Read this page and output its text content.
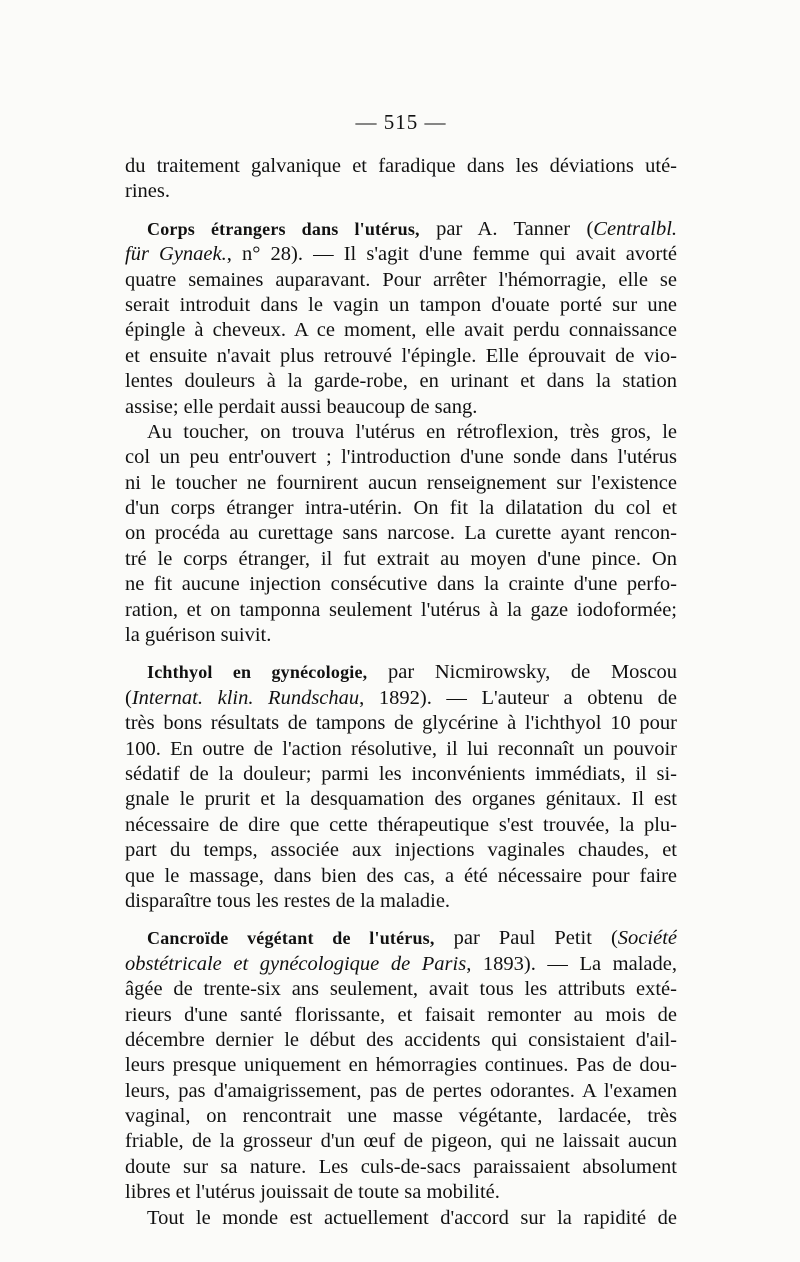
— 515 —
du traitement galvanique et faradique dans les déviations uté-
rines.
Corps étrangers dans l'utérus, par A. Tanner (Centralbl.
für Gynaek., n° 28). — Il s'agit d'une femme qui avait avorté
quatre semaines auparavant. Pour arrêter l'hémorragie, elle se
serait introduit dans le vagin un tampon d'ouate porté sur une
épingle à cheveux. A ce moment, elle avait perdu connaissance
et ensuite n'avait plus retrouvé l'épingle. Elle éprouvait de vio-
lentes douleurs à la garde-robe, en urinant et dans la station
assise; elle perdait aussi beaucoup de sang.
Au toucher, on trouva l'utérus en rétroflexion, très gros, le
col un peu entr'ouvert ; l'introduction d'une sonde dans l'utérus
ni le toucher ne fournirent aucun renseignement sur l'existence
d'un corps étranger intra-utérin. On fit la dilatation du col et
on procéda au curettage sans narcose. La curette ayant rencon-
tré le corps étranger, il fut extrait au moyen d'une pince. On
ne fit aucune injection consécutive dans la crainte d'une perfo-
ration, et on tamponna seulement l'utérus à la gaze iodoformée;
la guérison suivit.
Ichthyol en gynécologie, par Nicmirowsky, de Moscou
(Internat. klin. Rundschau, 1892). — L'auteur a obtenu de
très bons résultats de tampons de glycérine à l'ichthyol 10 pour
100. En outre de l'action résolutive, il lui reconnaît un pouvoir
sédatif de la douleur; parmi les inconvénients immédiats, il si-
gnale le prurit et la desquamation des organes génitaux. Il est
nécessaire de dire que cette thérapeutique s'est trouvée, la plu-
part du temps, associée aux injections vaginales chaudes, et
que le massage, dans bien des cas, a été nécessaire pour faire
disparaître tous les restes de la maladie.
Cancroïde végétant de l'utérus, par Paul Petit (Société
obstétricale et gynécologique de Paris, 1893). — La malade,
âgée de trente-six ans seulement, avait tous les attributs exté-
rieurs d'une santé florissante, et faisait remonter au mois de
décembre dernier le début des accidents qui consistaient d'ail-
leurs presque uniquement en hémorragies continues. Pas de dou-
leurs, pas d'amaigrissement, pas de pertes odorantes. A l'examen
vaginal, on rencontrait une masse végétante, lardacée, très
friable, de la grosseur d'un œuf de pigeon, qui ne laissait aucun
doute sur sa nature. Les culs-de-sacs paraissaient absolument
libres et l'utérus jouissait de toute sa mobilité.
Tout le monde est actuellement d'accord sur la rapidité de
